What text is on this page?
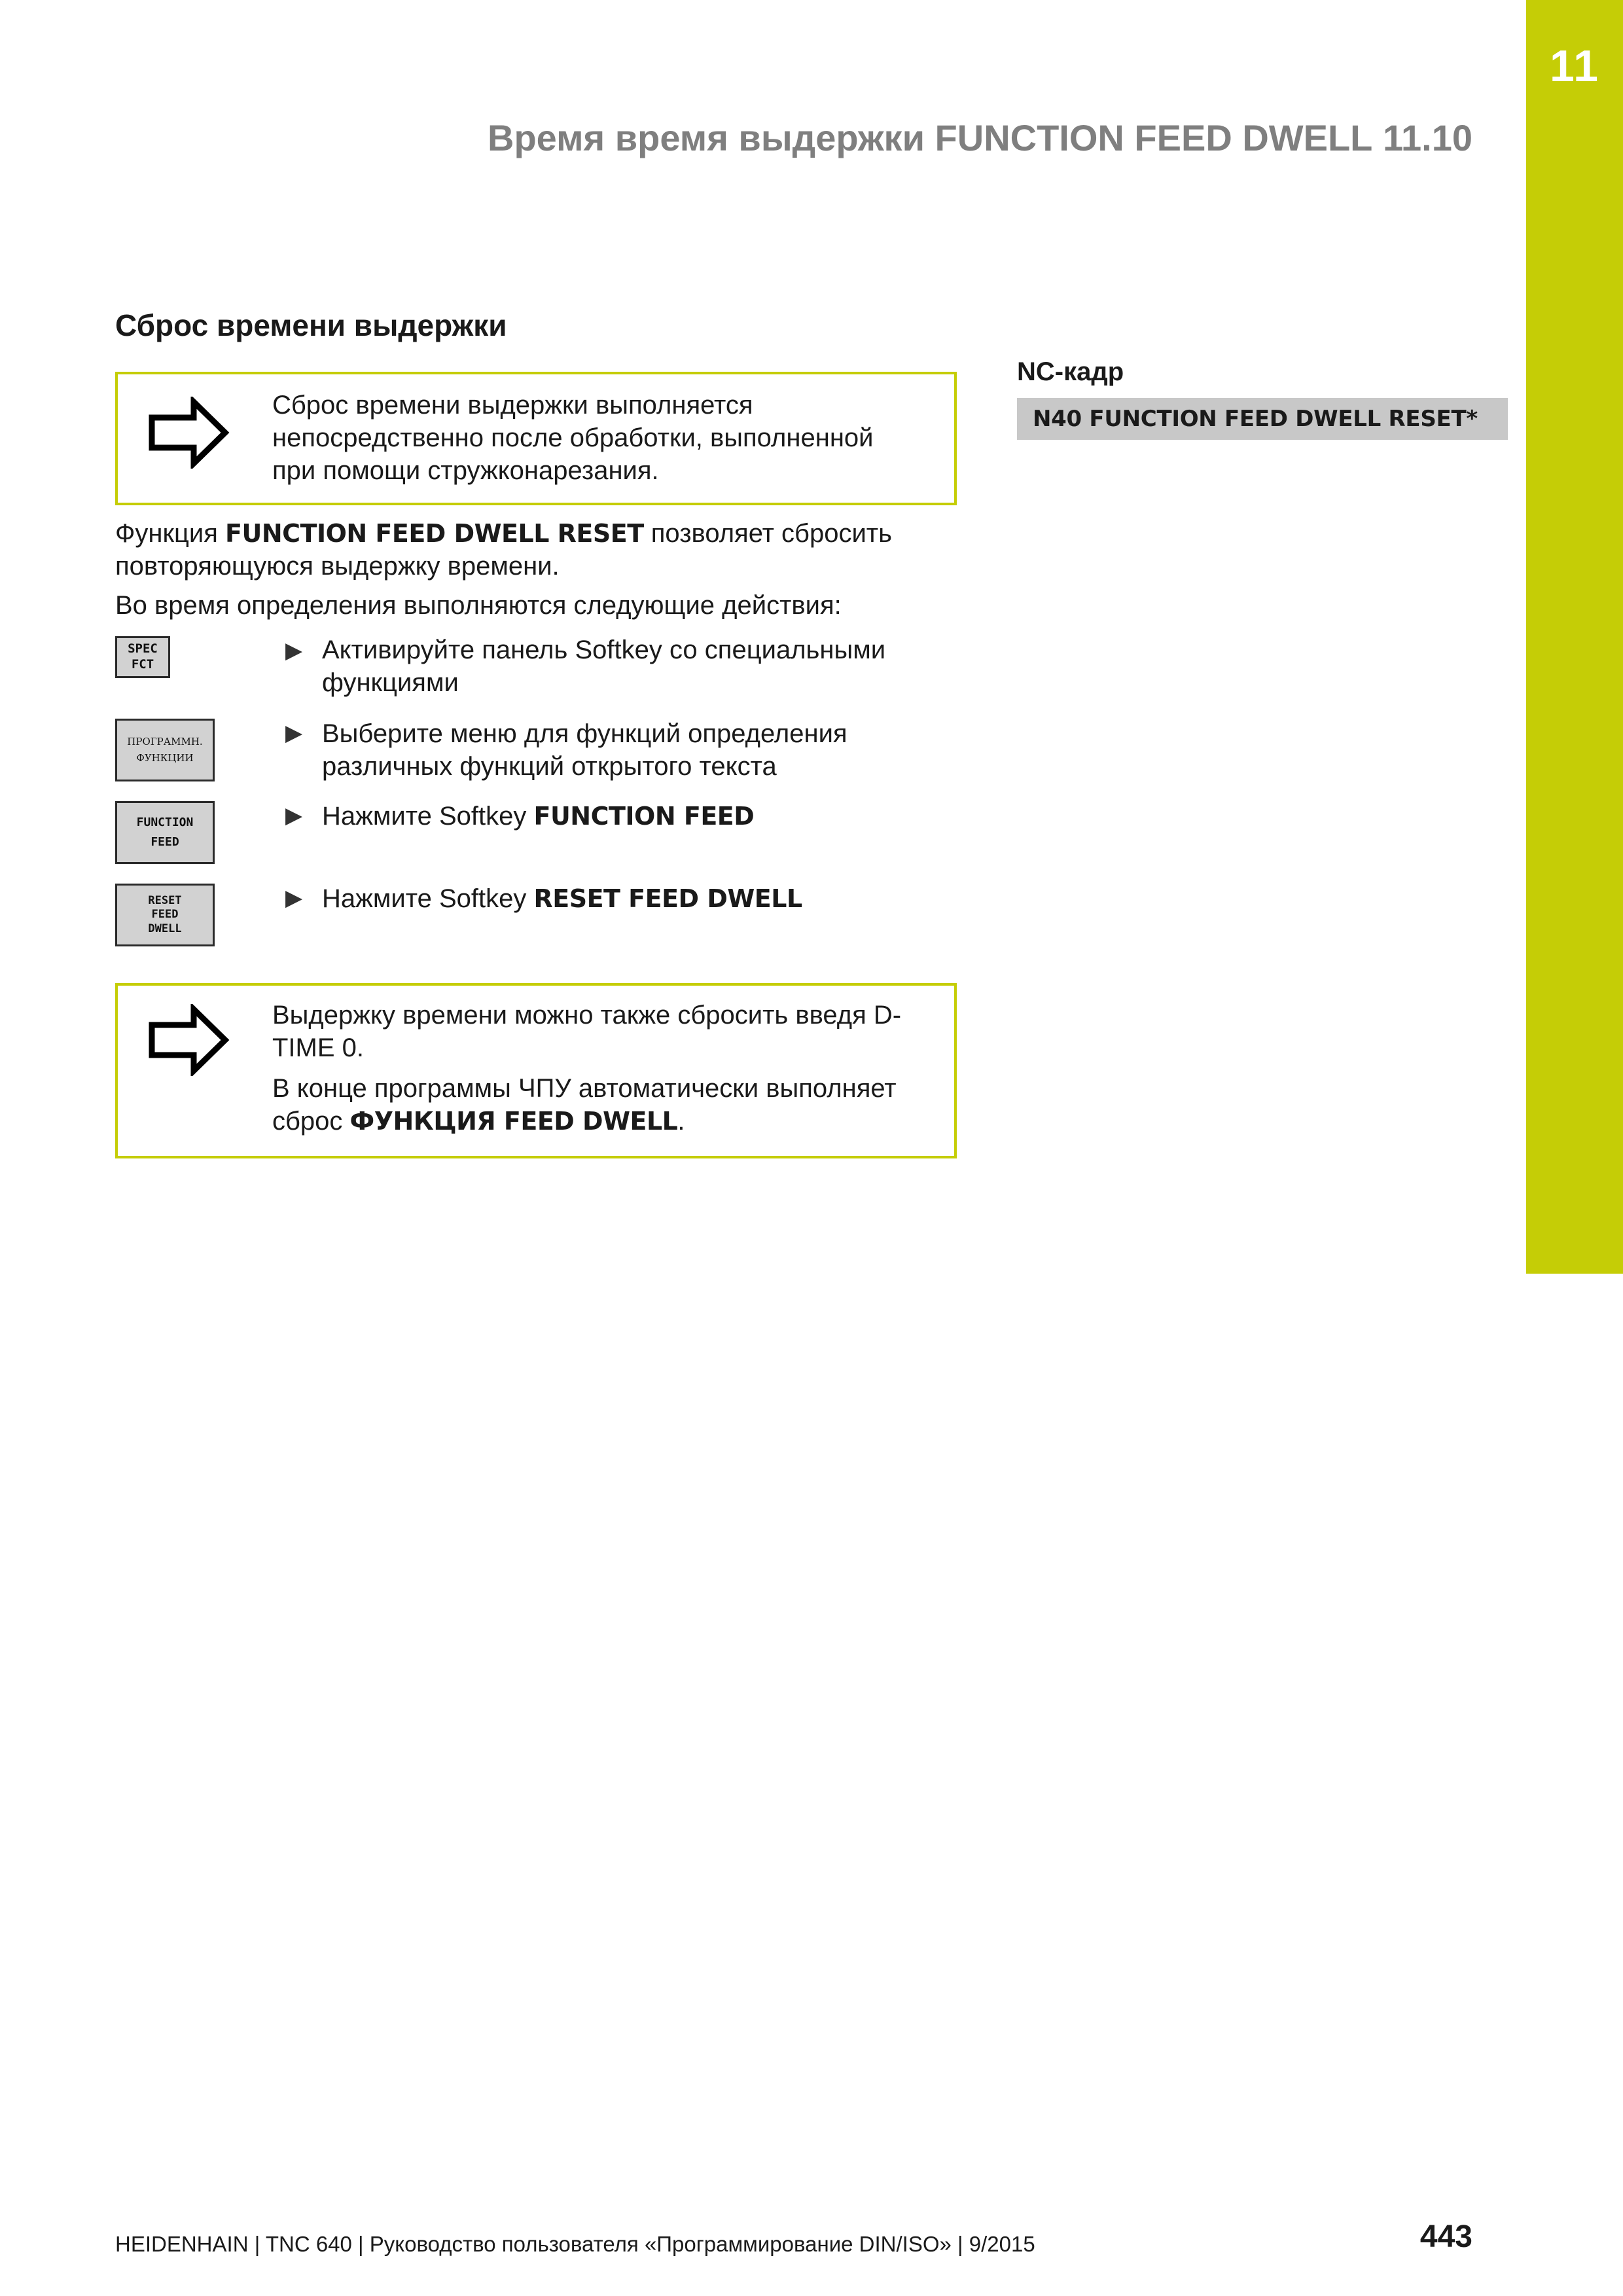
11
Время время выдержки FUNCTION FEED DWELL 11.10
Сброс времени выдержки
Сброс времени выдержки выполняется
непосредственно после обработки, выполненной
при помощи стружконарезания.

Функция FUNCTION FEED DWELL RESET позволяет сбросить

повторяющуюся выдержку времени.

Во время определения выполняются следующие действия:

SPEC
FCT
▶ Активируйте панель Softkey со специальными
функциями
ПРОГРАММН.
ФУНКЦИИ
▶ Выберите меню для функций определения
различных функций открытого текста
FUNCTION
FEED
▶ Нажмите Softkey FUNCTION FEED
RESET
FEED
DWELL
▶ Нажмите Softkey RESET FEED DWELL

Выдержку времени можно также сбросить введя D-
TIME 0.

В конце программы ЧПУ автоматически выполняет
сброс ФУНКЦИЯ FEED DWELL.

NC-кадр
N40 FUNCTION FEED DWELL RESET*
HEIDENHAIN | TNC 640 | Руководство пользователя «Программирование DIN/ISO» | 9/2015	443
